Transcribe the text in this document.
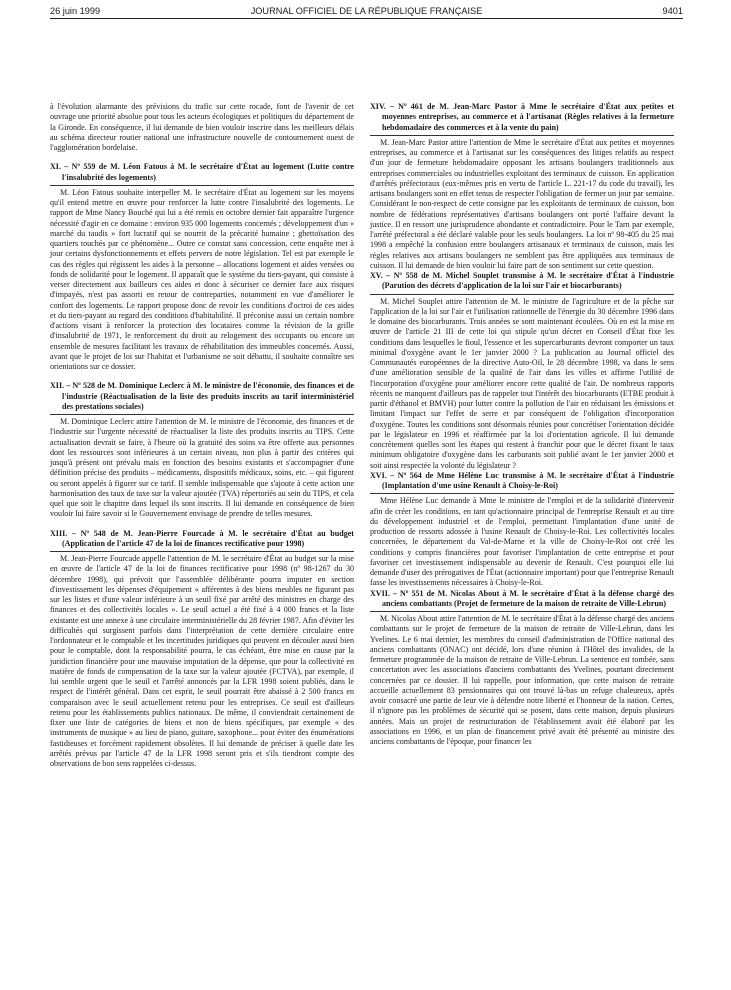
26 juin 1999	JOURNAL OFFICIEL DE LA RÉPUBLIQUE FRANÇAISE	9401

à l'évolution alarmante des prévisions du trafic sur cette rocade, font de l'avenir de cet ouvrage une priorité absolue pour tous les acteurs écologiques et politiques du département de la Gironde. En conséquence, il lui demande de bien vouloir inscrire dans les meilleurs délais au schéma directeur routier national une infrastructure nouvelle de contournement ouest de l'agglomération bordelaise.

XI. – Nº 559 de M. Léon Fatous à M. le secrétaire d'État au logement (Lutte contre l'insalubrité des logements)

M. Léon Fatous souhaite interpeller M. le secrétaire d'État au logement sur les moyens qu'il entend mettre en œuvre pour renforcer la lutte contre l'insalubrité des logements. Le rapport de Mme Nancy Bouché qui lui a été remis en octobre dernier fait apparaître l'urgence nécessité d'agir en ce domaine : environ 935 000 logements concernés ; développement d'un « marché du taudis » fort lucratif qui se nourrit de la précarité humaine ; ghettoïsation des quartiers touchés par ce phénomène... Outre ce constat sans concession, cette enquête met à jour certains dysfonctionnements et effets pervers de notre législation. Tel est par exemple le cas des règles qui régissent les aides à la personne – allocations logement et aides versées ou fonds de solidarité pour le logement. Il apparaît que le système du tiers-payant, qui consiste à verser directement aux bailleurs ces aides et donc à sécuriser ce dernier face aux risques d'impayés, n'est pas assorti en retour de contreparties, notamment en vue d'améliorer le confort des logements. Le rapport propose donc de revoir les conditions d'octroi de ces aides et du tiers-payant au regard des conditions d'habitabilité. Il préconise aussi un certain nombre d'actions visant à renforcer la protection des locataires comme la révision de la grille d'insalubrité de 1971, le renforcement du droit au relogement des occupants ou encore un ensemble de mesures facilitant les travaux de réhabilitation des immeubles concernés. Aussi, avant que le projet de loi sur l'habitat et l'urbanisme ne soit débattu, il souhaite connaître ses orientations sur ce dossier.

XII. – Nº 528 de M. Dominique Leclerc à M. le ministre de l'économie, des finances et de l'industrie (Réactualisation de la liste des produits inscrits au tarif interministériel des prestations sociales)

M. Dominique Leclerc attire l'attention de M. le ministre de l'économie, des finances et de l'industrie sur l'urgente nécessité de réactualiser la liste des produits inscrits au TIPS. Cette actualisation devrait se faire, à l'heure où la gratuité des soins va être offerte aux personnes dont les ressources sont inférieures à un certain niveau, non plus à partir des critères qui jusqu'à présent ont prévalu mais en fonction des besoins existants et s'accompagner d'une définition précise des produits – médicaments, dispositifs médicaux, soins, etc. – qui figurent ou seront appelés à figurer sur ce tarif. Il semble indispensable que s'ajoute à cette action une harmonisation des taux de taxe sur la valeur ajoutée (TVA) répertoriés au sein du TIPS, et cela quel que soit le chapitre dans lequel ils sont inscrits. Il lui demande en conséquence de bien vouloir lui faire savoir si le Gouvernement envisage de prendre de telles mesures.

XIII. – Nº 548 de M. Jean-Pierre Fourcade à M. le secrétaire d'État au budget (Application de l'article 47 de la loi de finances rectificative pour 1998)

M. Jean-Pierre Fourcade appelle l'attention de M. le secrétaire d'État au budget sur la mise en œuvre de l'article 47 de la loi de finances rectificative pour 1998 (nº 98-1267 du 30 décembre 1998), qui prévoit que l'assemblée délibérante pourra imputer en section d'investissement les dépenses d'équipement « afférentes à des biens meubles ne figurant pas sur les listes et d'une valeur inférieure à un seuil fixé par arrêté des ministres en charge des finances et des collectivités locales ». Le seuil actuel a été fixé à 4 000 francs et la liste existante est une annexe à une circulaire interministérielle du 28 février 1987. Afin d'éviter les difficultés qui surgissent parfois dans l'interprétation de cette dernière circulaire entre l'ordonnateur et le comptable et les incertitudes juridiques qui peuvent en découler aussi bien pour le comptable, dont la responsabilité pourra, le cas échéant, être mise en cause par la juridiction financière pour une mauvaise imputation de la dépense, que pour la collectivité en matière de fonds de compensation de la taxe sur la valeur ajoutée (FCTVA), par exemple, il lui semble urgent que le seuil et l'arrêté annoncés par la LFR 1998 soient publiés, dans le respect de l'intérêt général. Dans cet esprit, le seuil pourrait être abaissé à 2 500 francs en comparaison avec le seuil actuellement retenu pour les entreprises. Ce seuil est d'ailleurs retenu pour les établissements publics nationaux. De même, il conviendrait certainement de fixer une liste de catégories de biens et non de biens spécifiques, par exemple « des instruments de musique » au lieu de piano, guitare, saxophone... pour éviter des énumérations fastidieuses et forcément rapidement obsolètes. Il lui demande de préciser à quelle date les arrêtés prévus par l'article 47 de la LFR 1998 seront pris et s'ils tiendront compte des observations de bon sens rappelées ci-dessus.

XIV. – Nº 461 de M. Jean-Marc Pastor à Mme le secrétaire d'État aux petites et moyennes entreprises, au commerce et à l'artisanat (Règles relatives à la fermeture hebdomadaire des commerces et à la vente du pain)

M. Jean-Marc Pastor attire l'attention de Mme le secrétaire d'État aux petites et moyennes entreprises, au commerce et à l'artisanat sur les conséquences des litiges relatifs au respect d'un jour de fermeture hebdomadaire opposant les artisans boulangers traditionnels aux entreprises commerciales ou industrielles exploitant des terminaux de cuisson. En application d'arrêtés préfectoraux (eux-mêmes pris en vertu de l'article L. 221-17 du code du travail), les artisans boulangers sont en effet tenus de respecter l'obligation de fermer un jour par semaine. Considérant le non-respect de cette consigne par les exploitants de terminaux de cuisson, bon nombre de fédérations représentatives d'artisans boulangers ont porté l'affaire devant la justice. Il en ressort une jurisprudence abondante et contradictoire. Pour le Tarn par exemple, l'arrêté préfectoral a été déclaré valable pour les seuls boulangers. La loi nº 98-405 du 25 mai 1998 a empêché la confusion entre boulangers artisanaux et terminaux de cuisson, mais les règles relatives aux artisans boulangers ne semblent pas être appliquées aux terminaux de cuisson. Il lui demande de bien vouloir lui faire part de son sentiment sur cette question.

XV. – Nº 558 de M. Michel Souplet transmise à M. le secrétaire d'État à l'industrie (Parution des décrets d'application de la loi sur l'air et biocarburants)

M. Michel Souplet attire l'attention de M. le ministre de l'agriculture et de la pêche sur l'application de la loi sur l'air et l'utilisation rationnelle de l'énergie du 30 décembre 1996 dans le domaine des biocarburants. Trois années se sont maintenant écoulées. Où en est la mise en œuvre de l'article 21 III de cette loi qui stipule qu'un décret en Conseil d'État fixe les conditions dans lesquelles le fioul, l'essence et les supercarburants devront comporter un taux minimal d'oxygène avant le 1er janvier 2000 ? La publication au Journal officiel des Communautés européennes de la directive Auto-Oil, le 28 décembre 1998, va dans le sens d'une amélioration sensible de la qualité de l'air dans les villes et affirme l'utilité de l'incorporation d'oxygène pour améliorer encore cette qualité de l'air. De nombreux rapports récents ne manquent d'ailleurs pas de rappeler tout l'intérêt des biocarburants (ETBE produit à partir d'éthanol et BMVH) pour lutter contre la pollution de l'air en réduisant les émissions et limitant l'impact sur l'effet de serre et par conséquent de l'obligation d'incorporation d'oxygène. Toutes les conditions sont désormais réunies pour concrétiser l'orientation décidée par le législateur en 1996 et réaffirmée par la loi d'orientation agricole. Il lui demande concrètement quelles sont les étapes qui restent à franchir pour que le décret fixant le taux minimum obligatoire d'oxygène dans les carburants soit publié avant le 1er janvier 2000 et soit ainsi respectée la volonté du législateur ?

XVI. – Nº 564 de Mme Hélène Luc transmise à M. le secrétaire d'État à l'industrie (Implantation d'une usine Renault à Choisy-le-Roi)

Mme Hélène Luc demande à Mme le ministre de l'emploi et de la solidarité d'intervenir afin de créer les conditions, en tant qu'actionnaire principal de l'entreprise Renault et au titre du développement industriel et de l'emploi, permettant l'implantation d'une unité de production de ressorts adossée à l'usine Renault de Choisy-le-Roi. Les collectivités locales concernées, le département du Val-de-Marne et la ville de Choisy-le-Roi ont créé les conditions y compris financières pour favoriser l'implantation de cette entreprise et pour favoriser cet investissement indispensable au devenir de Renault. C'est pourquoi elle lui demande d'user des prérogatives de l'État (actionnaire important) pour que l'entreprise Renault fasse les investissements nécessaires à Choisy-le-Roi.

XVII. – Nº 551 de M. Nicolas About à M. le secrétaire d'État à la défense chargé des anciens combattants (Projet de fermeture de la maison de retraite de Ville-Lebrun)

M. Nicolas About attire l'attention de M. le secrétaire d'État à la défense chargé des anciens combattants sur le projet de fermeture de la maison de retraite de Ville-Lebrun, dans les Yvelines. Le 6 mai dernier, les membres du conseil d'administration de l'Office national des anciens combattants (ONAC) ont décidé, lors d'une réunion à l'Hôtel des invalides, de la fermeture programmée de la maison de retraite de Ville-Lebrun. La sentence est tombée, sans concertation avec les associations d'anciens combattants des Yvelines, pourtant directement concernées par ce dossier. Il lui rappelle, pour information, que cette maison de retraite accueille actuellement 83 pensionnaires qui ont trouvé là-bas un refuge chaleureux, après avoir consacré une partie de leur vie à défendre notre liberté et l'honneur de la nation. Certes, il n'ignore pas les problèmes de sécurité qui se posent, dans cette maison, depuis plusieurs années. Mais un projet de restructuration de l'établissement avait été élaboré par les associations en 1996, et un plan de financement privé avait été présenté au ministre des anciens combattants de l'époque, pour financer les
